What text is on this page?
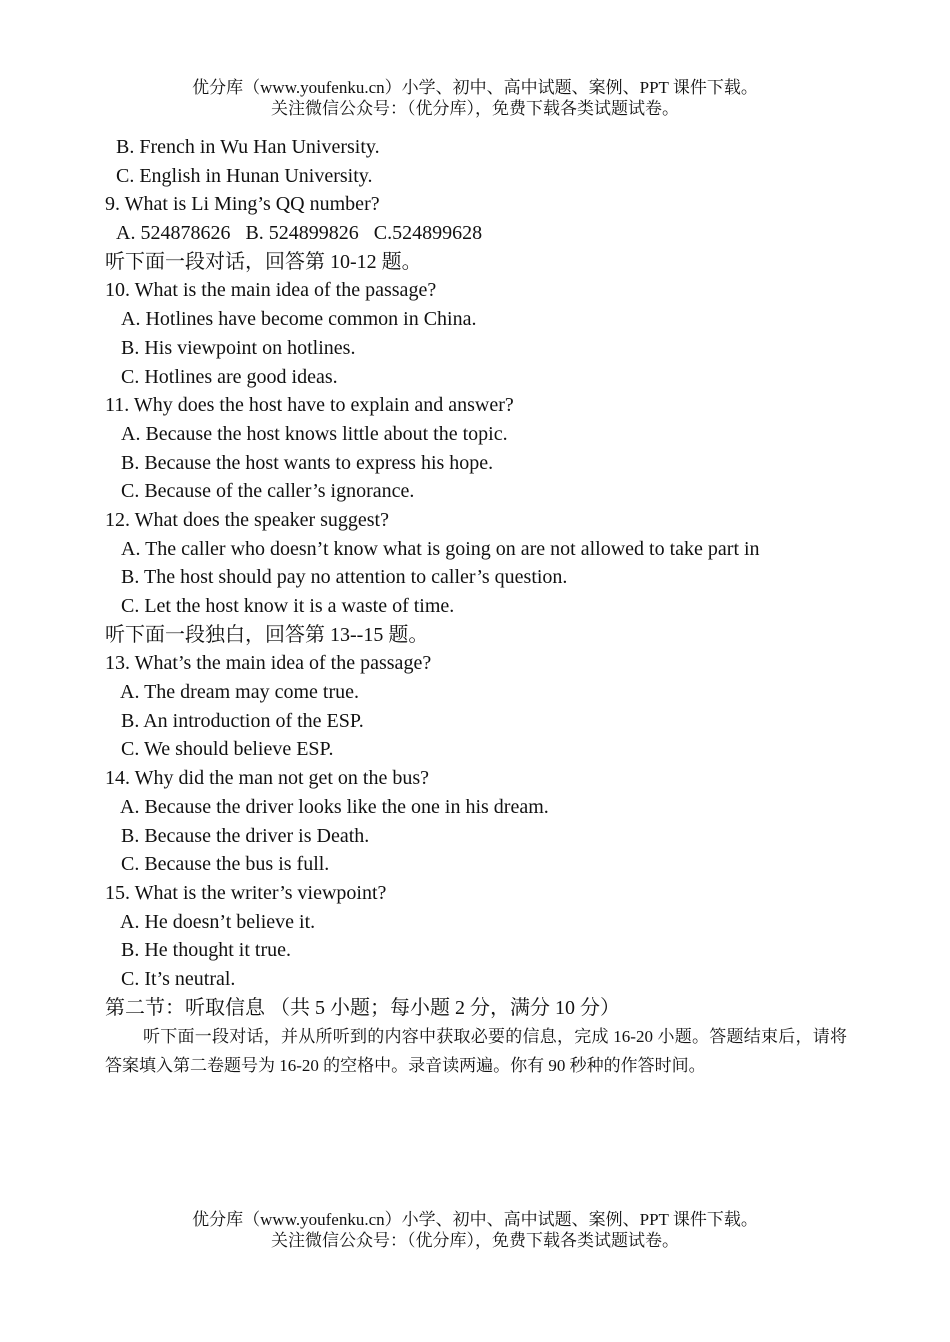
优分库（www.youfenku.cn）小学、初中、高中试题、案例、PPT 课件下载。
关注微信公众号：（优分库），免费下载各类试题试卷。
B. French in Wu Han University.
C. English in Hunan University.
9. What is Li Ming’s QQ number?
A. 524878626   B. 524899826   C.524899628
听下面一段对话，回答第 10-12 题。
10. What is the main idea of the passage?
A. Hotlines have become common in China.
B. His viewpoint on hotlines.
C. Hotlines are good ideas.
11. Why does the host have to explain and answer?
A. Because the host knows little about the topic.
B. Because the host wants to express his hope.
C. Because of the caller’s ignorance.
12. What does the speaker suggest?
A. The caller who doesn’t know what is going on are not allowed to take part in
B. The host should pay no attention to caller’s question.
C. Let the host know it is a waste of time.
听下面一段独白，回答第 13--15 题。
13. What’s the main idea of the passage?
A. The dream may come true.
B. An introduction of the ESP.
C. We should believe ESP.
14. Why did the man not get on the bus?
A. Because the driver looks like the one in his dream.
B. Because the driver is Death.
C. Because the bus is full.
15. What is the writer’s viewpoint?
A. He doesn’t believe it.
B. He thought it true.
C. It’s neutral.
第二节：听取信息 （共 5 小题；每小题 2 分，满分 10 分）
听下面一段对话，并从所听到的内容中获取必要的信息，完成 16-20 小题。答题结束后，请将答案填入第二卷题号为 16-20 的空格中。录音读两遍。你有 90 秒种的作答时间。
优分库（www.youfenku.cn）小学、初中、高中试题、案例、PPT 课件下载。
关注微信公众号：（优分库），免费下载各类试题试卷。
